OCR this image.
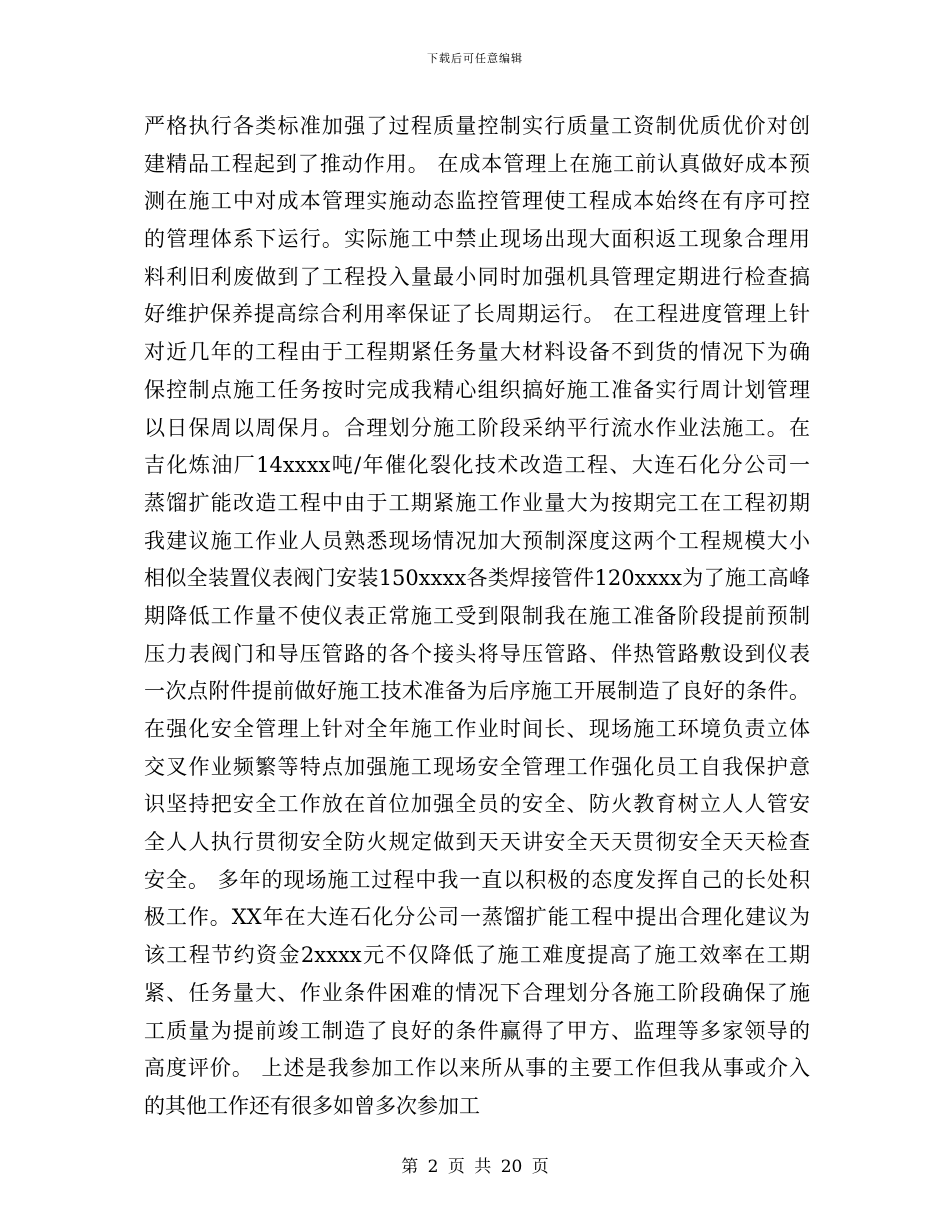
下载后可任意编辑
严格执行各类标准加强了过程质量控制实行质量工资制优质优价对创
建精品工程起到了推动作用。 在成本管理上在施工前认真做好成本预
测在施工中对成本管理实施动态监控管理使工程成本始终在有序可控
的管理体系下运行。实际施工中禁止现场出现大面积返工现象合理用
料利旧利废做到了工程投入量最小同时加强机具管理定期进行检查搞
好维护保养提高综合利用率保证了长周期运行。 在工程进度管理上针
对近几年的工程由于工程期紧任务量大材料设备不到货的情况下为确
保控制点施工任务按时完成我精心组织搞好施工准备实行周计划管理
以日保周以周保月。合理划分施工阶段采纳平行流水作业法施工。在
吉化炼油厂14xxxx吨/年催化裂化技术改造工程、大连石化分公司一
蒸馏扩能改造工程中由于工期紧施工作业量大为按期完工在工程初期
我建议施工作业人员熟悉现场情况加大预制深度这两个工程规模大小
相似全装置仪表阀门安装150xxxx各类焊接管件120xxxx为了施工高峰
期降低工作量不使仪表正常施工受到限制我在施工准备阶段提前预制
压力表阀门和导压管路的各个接头将导压管路、伴热管路敷设到仪表
一次点附件提前做好施工技术准备为后序施工开展制造了良好的条件。
在强化安全管理上针对全年施工作业时间长、现场施工环境负责立体
交叉作业频繁等特点加强施工现场安全管理工作强化员工自我保护意
识坚持把安全工作放在首位加强全员的安全、防火教育树立人人管安
全人人执行贯彻安全防火规定做到天天讲安全天天贯彻安全天天检查
安全。 多年的现场施工过程中我一直以积极的态度发挥自己的长处积
极工作。XX年在大连石化分公司一蒸馏扩能工程中提出合理化建议为
该工程节约资金2xxxx元不仅降低了施工难度提高了施工效率在工期
紧、任务量大、作业条件困难的情况下合理划分各施工阶段确保了施
工质量为提前竣工制造了良好的条件赢得了甲方、监理等多家领导的
高度评价。 上述是我参加工作以来所从事的主要工作但我从事或介入
的其他工作还有很多如曾多次参加工
第 2 页 共 20 页
